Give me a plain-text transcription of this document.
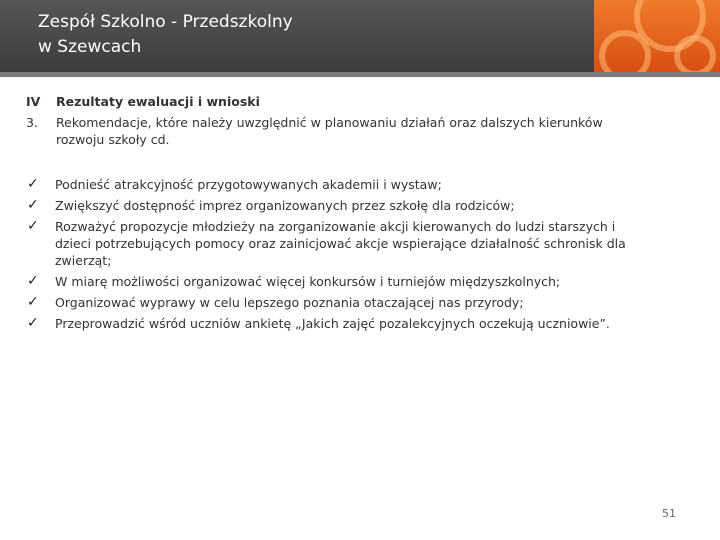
Zespół Szkolno - Przedszkolny
w Szewcach
IV	Rezultaty ewaluacji i wnioski
3.	Rekomendacje, które należy uwzględnić w planowaniu działań oraz dalszych kierunków rozwoju szkoły cd.
✓	Podnieść atrakcyjność przygotowywanych akademii i wystaw;
✓	Zwiększyć dostępność imprez organizowanych przez szkołę dla rodziców;
✓	Rozważyć propozycje młodzieży na zorganizowanie akcji kierowanych do ludzi starszych i dzieci potrzebujących pomocy oraz zainicjować akcje wspierające działalność schronisk dla zwierząt;
✓	W miarę możliwości organizować więcej konkursów i turniejów międzyszkolnych;
✓	Organizować wyprawy w celu lepszego poznania otaczającej nas przyrody;
✓	Przeprowadzić wśród uczniów ankietę „Jakich zajęć pozalekcyjnych oczekują uczniowie”.
51
